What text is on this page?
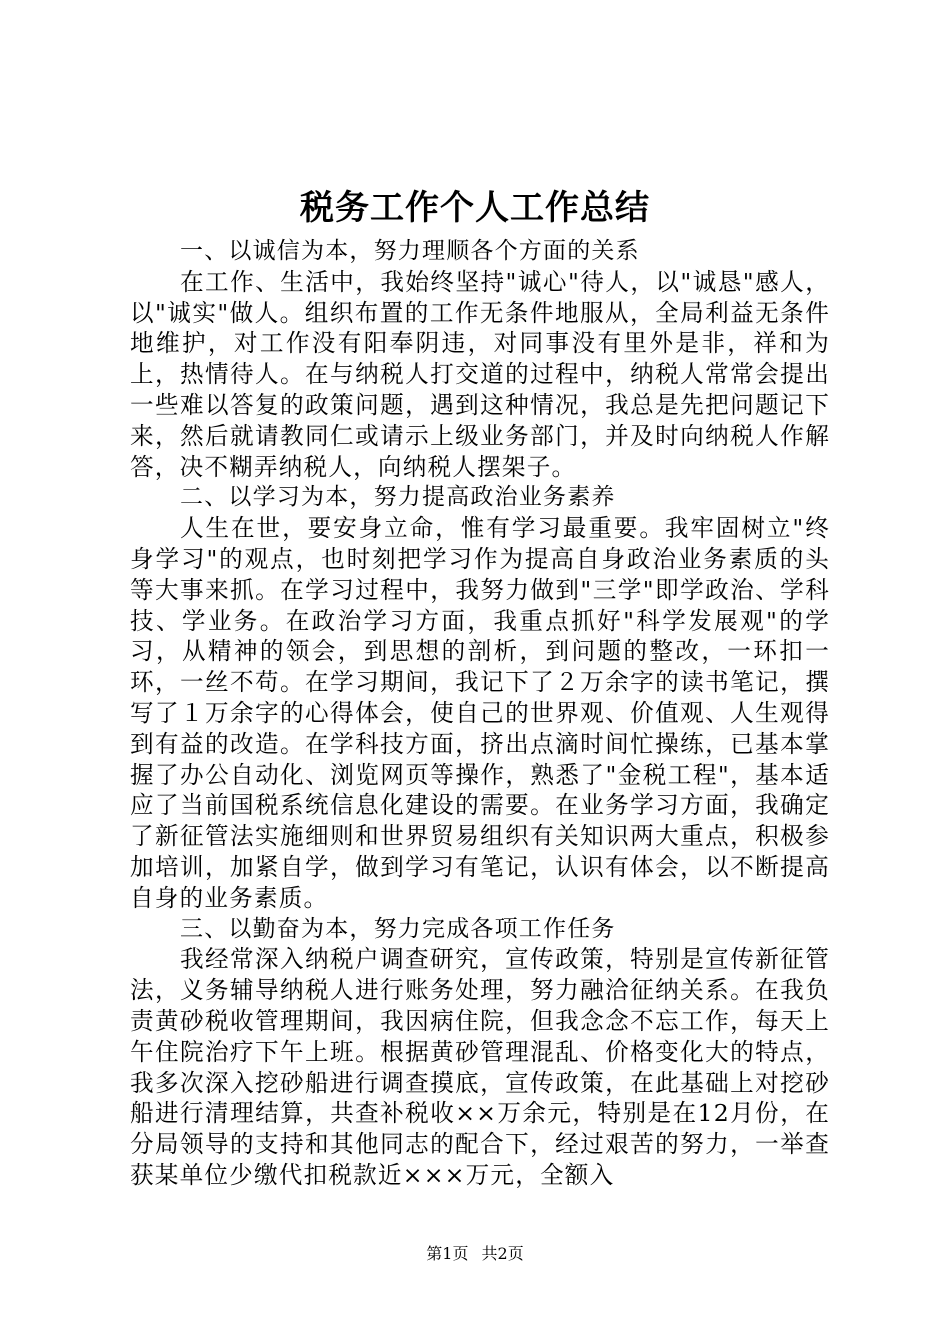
税务工作个人工作总结

一、以诚信为本，努力理顺各个方面的关系

在工作、生活中，我始终坚持"诚心"待人，以"诚恳"感人，以"诚实"做人。组织布置的工作无条件地服从，全局利益无条件地维护，对工作没有阳奉阴违，对同事没有里外是非，祥和为上，热情待人。在与纳税人打交道的过程中，纳税人常常会提出一些难以答复的政策问题，遇到这种情况，我总是先把问题记下来，然后就请教同仁或请示上级业务部门，并及时向纳税人作解答，决不糊弄纳税人，向纳税人摆架子。

二、以学习为本，努力提高政治业务素养

人生在世，要安身立命，惟有学习最重要。我牢固树立"终身学习"的观点，也时刻把学习作为提高自身政治业务素质的头等大事来抓。在学习过程中，我努力做到"三学"即学政治、学科技、学业务。在政治学习方面，我重点抓好"科学发展观"的学习，从精神的领会，到思想的剖析，到问题的整改，一环扣一环，一丝不苟。在学习期间，我记下了２万余字的读书笔记，撰写了１万余字的心得体会，使自己的世界观、价值观、人生观得到有益的改造。在学科技方面，挤出点滴时间忙操练，已基本掌握了办公自动化、浏览网页等操作，熟悉了"金税工程"，基本适应了当前国税系统信息化建设的需要。在业务学习方面，我确定了新征管法实施细则和世界贸易组织有关知识两大重点，积极参加培训，加紧自学，做到学习有笔记，认识有体会，以不断提高自身的业务素质。

三、以勤奋为本，努力完成各项工作任务

我经常深入纳税户调查研究，宣传政策，特别是宣传新征管法，义务辅导纳税人进行账务处理，努力融洽征纳关系。在我负责黄砂税收管理期间，我因病住院，但我念念不忘工作，每天上午住院治疗下午上班。根据黄砂管理混乱、价格变化大的特点，我多次深入挖砂船进行调查摸底，宣传政策，在此基础上对挖砂船进行清理结算，共查补税收××万余元，特别是在12月份，在分局领导的支持和其他同志的配合下，经过艰苦的努力，一举查获某单位少缴代扣税款近×××万元，全额入

第1页 共2页
